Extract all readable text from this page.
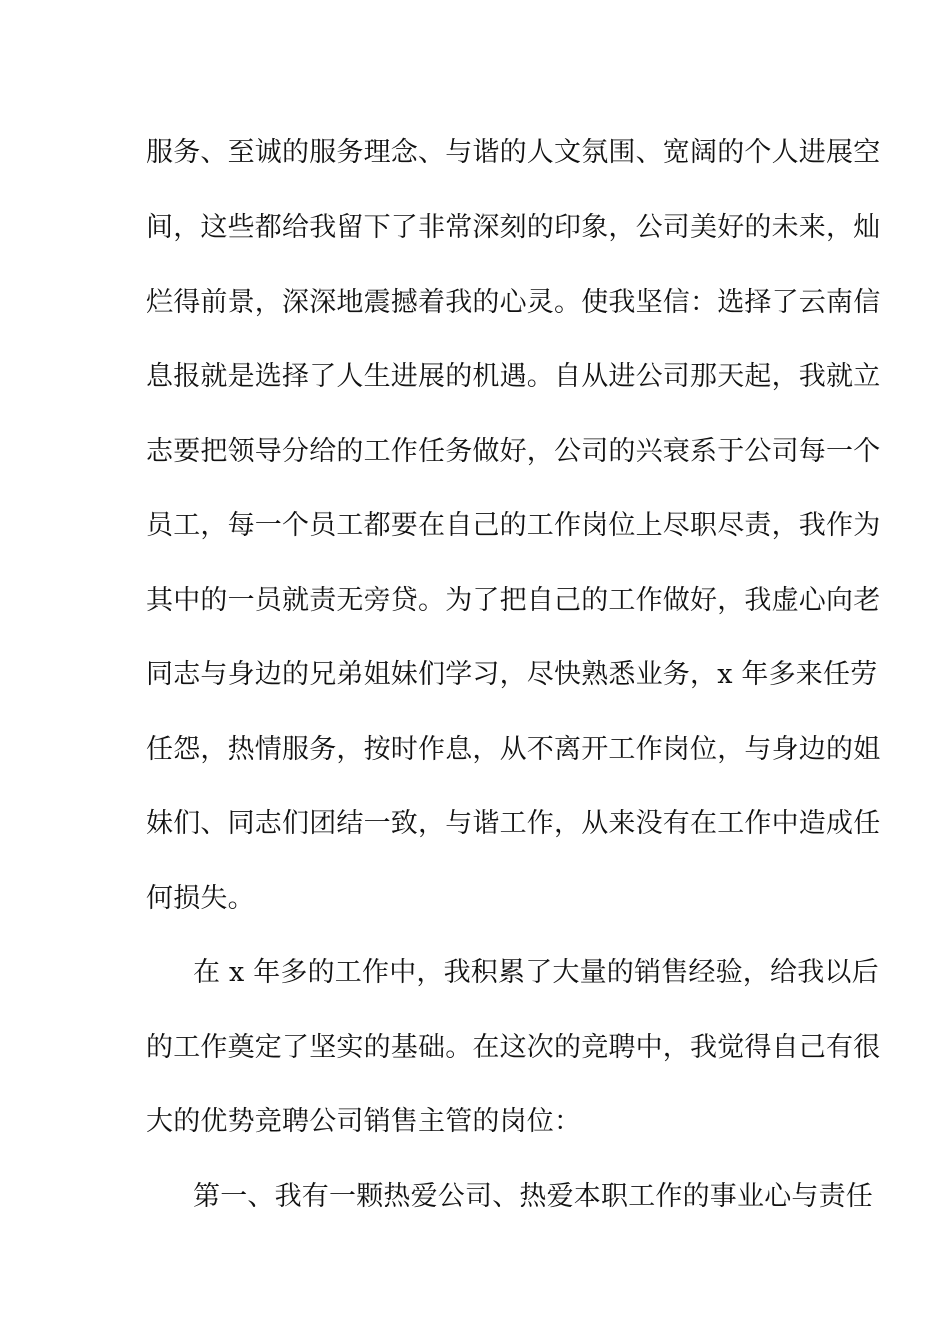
服务、至诚的服务理念、与谐的人文氛围、宽阔的个人进展空
间，这些都给我留下了非常深刻的印象，公司美好的未来，灿
烂得前景，深深地震撼着我的心灵。使我坚信：选择了云南信
息报就是选择了人生进展的机遇。自从进公司那天起，我就立
志要把领导分给的工作任务做好，公司的兴衰系于公司每一个
员工，每一个员工都要在自己的工作岗位上尽职尽责，我作为
其中的一员就责无旁贷。为了把自己的工作做好，我虚心向老
同志与身边的兄弟姐妹们学习，尽快熟悉业务，x 年多来任劳
任怨，热情服务，按时作息，从不离开工作岗位，与身边的姐
妹们、同志们团结一致，与谐工作，从来没有在工作中造成任
何损失。
在 x 年多的工作中，我积累了大量的销售经验，给我以后
的工作奠定了坚实的基础。在这次的竞聘中，我觉得自己有很
大的优势竞聘公司销售主管的岗位：
第一、我有一颗热爱公司、热爱本职工作的事业心与责任
